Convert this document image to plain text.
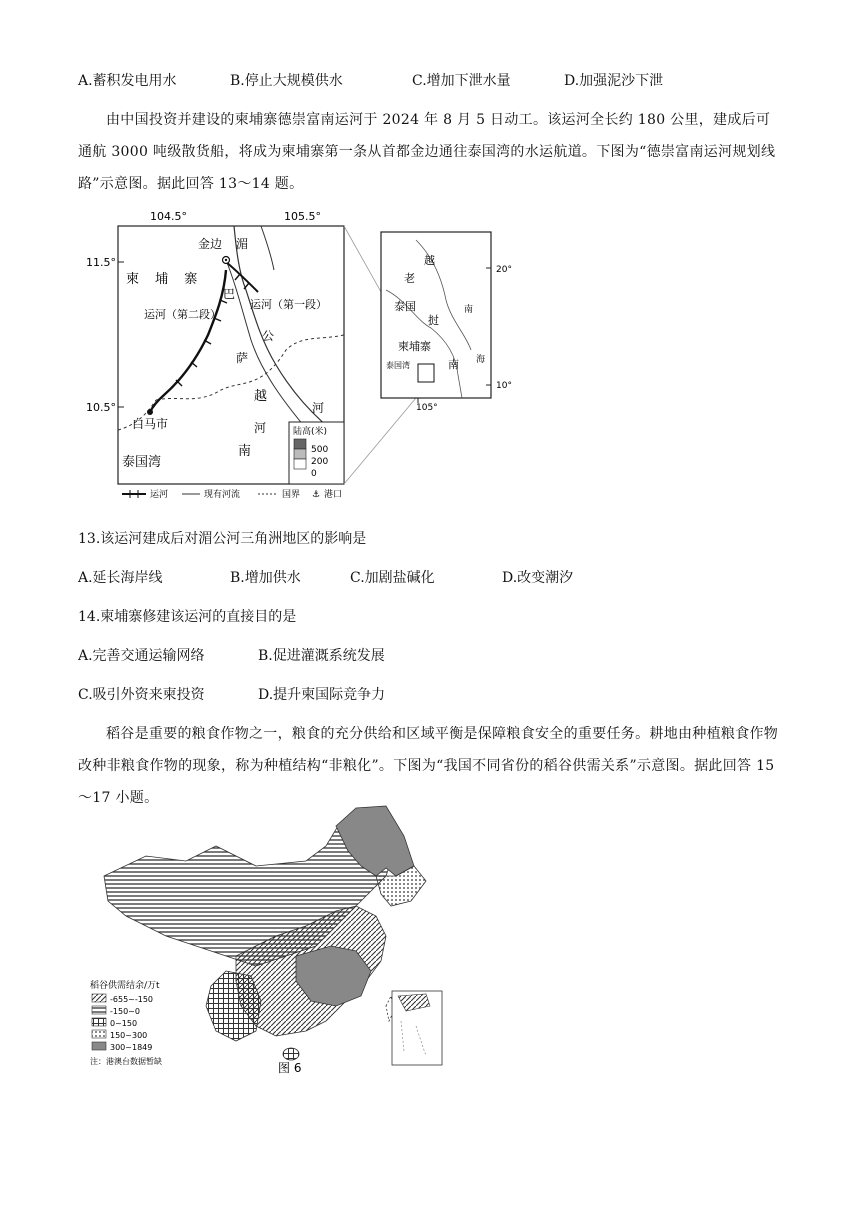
A.蓄积发电用水	B.停止大规模供水	C.增加下泄水量	D.加强泥沙下泄
由中国投资并建设的柬埔寨德崇富南运河于 2024 年 8 月 5 日动工。该运河全长约 180 公里，建成后可通航 3000 吨级散货船，将成为柬埔寨第一条从首都金边通往泰国湾的水运航道。下图为“德崇富南运河规划线路”示意图。据此回答 13～14 题。
104.5°	105.5°
11.5°
10.5°
金边 湄
柬 埔 寨
巴
公
萨
越
河
河
南
运河（第一段）
运河（第二段）
白马市
泰国湾
陆高(米)
500
200
0
运河	现有河流	国界 ⚓ 港口
20°
10°
105°
越
老
挝
泰国	南
柬埔寨
南 海
泰国湾
13.该运河建成后对湄公河三角洲地区的影响是
A.延长海岸线	B.增加供水	C.加剧盐碱化	D.改变潮汐
14.柬埔寨修建该运河的直接目的是
A.完善交通运输网络	B.促进灌溉系统发展
C.吸引外资来柬投资	D.提升柬国际竞争力
稻谷是重要的粮食作物之一，粮食的充分供给和区域平衡是保障粮食安全的重要任务。耕地由种植粮食作物改种非粮食作物的现象，称为种植结构“非粮化”。下图为“我国不同省份的稻谷供需关系”示意图。据此回答 15～17 小题。
稻谷供需结余/万t
-655~-150
-150~0
0~150
150~300
300~1849
注：港澳台数据暂缺	图 6
